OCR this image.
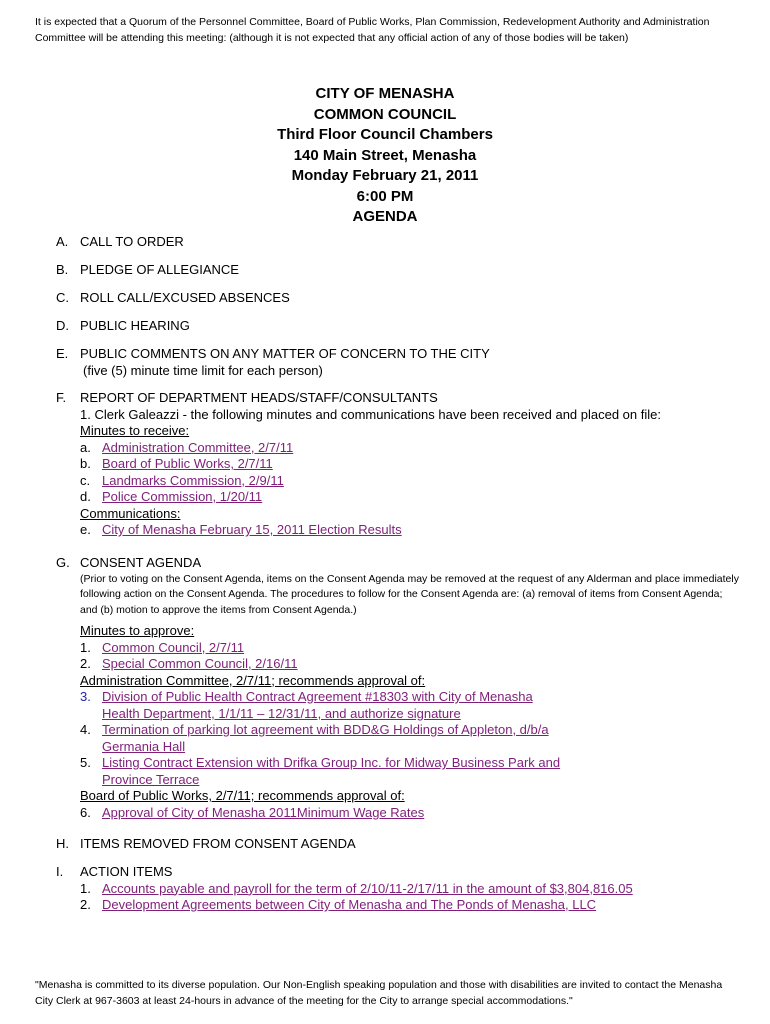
It is expected that a Quorum of the Personnel Committee, Board of Public Works, Plan Commission, Redevelopment Authority and Administration Committee will be attending this meeting: (although it is not expected that any official action of any of those bodies will be taken)
CITY OF MENASHA
COMMON COUNCIL
Third Floor Council Chambers
140 Main Street, Menasha
Monday February 21, 2011
6:00 PM
AGENDA
A. CALL TO ORDER
B. PLEDGE OF ALLEGIANCE
C. ROLL CALL/EXCUSED ABSENCES
D. PUBLIC HEARING
E. PUBLIC COMMENTS ON ANY MATTER OF CONCERN TO THE CITY
(five (5) minute time limit for each person)
F. REPORT OF DEPARTMENT HEADS/STAFF/CONSULTANTS
1. Clerk Galeazzi - the following minutes and communications have been received and placed on file:
Minutes to receive:
a. Administration Committee, 2/7/11
b. Board of Public Works, 2/7/11
c. Landmarks Commission, 2/9/11
d. Police Commission, 1/20/11
Communications:
e. City of Menasha February 15, 2011 Election Results
G. CONSENT AGENDA
(Prior to voting on the Consent Agenda, items on the Consent Agenda may be removed at the request of any Alderman and place immediately following action on the Consent Agenda. The procedures to follow for the Consent Agenda are: (a) removal of items from Consent Agenda; and (b) motion to approve the items from Consent Agenda.)
Minutes to approve:
1. Common Council, 2/7/11
2. Special Common Council, 2/16/11
Administration Committee, 2/7/11; recommends approval of:
3. Division of Public Health Contract Agreement #18303 with City of Menasha
Health Department, 1/1/11 – 12/31/11, and authorize signature
4. Termination of parking lot agreement with BDD&G Holdings of Appleton, d/b/a
Germania Hall
5. Listing Contract Extension with Drifka Group Inc. for Midway Business Park and
Province Terrace
Board of Public Works, 2/7/11; recommends approval of:
6. Approval of City of Menasha 2011Minimum Wage Rates
H. ITEMS REMOVED FROM CONSENT AGENDA
I. ACTION ITEMS
1. Accounts payable and payroll for the term of 2/10/11-2/17/11 in the amount of $3,804,816.05
2. Development Agreements between City of Menasha and The Ponds of Menasha, LLC
"Menasha is committed to its diverse population. Our Non-English speaking population and those with disabilities are invited to contact the Menasha City Clerk at 967-3603 at least 24-hours in advance of the meeting for the City to arrange special accommodations."
